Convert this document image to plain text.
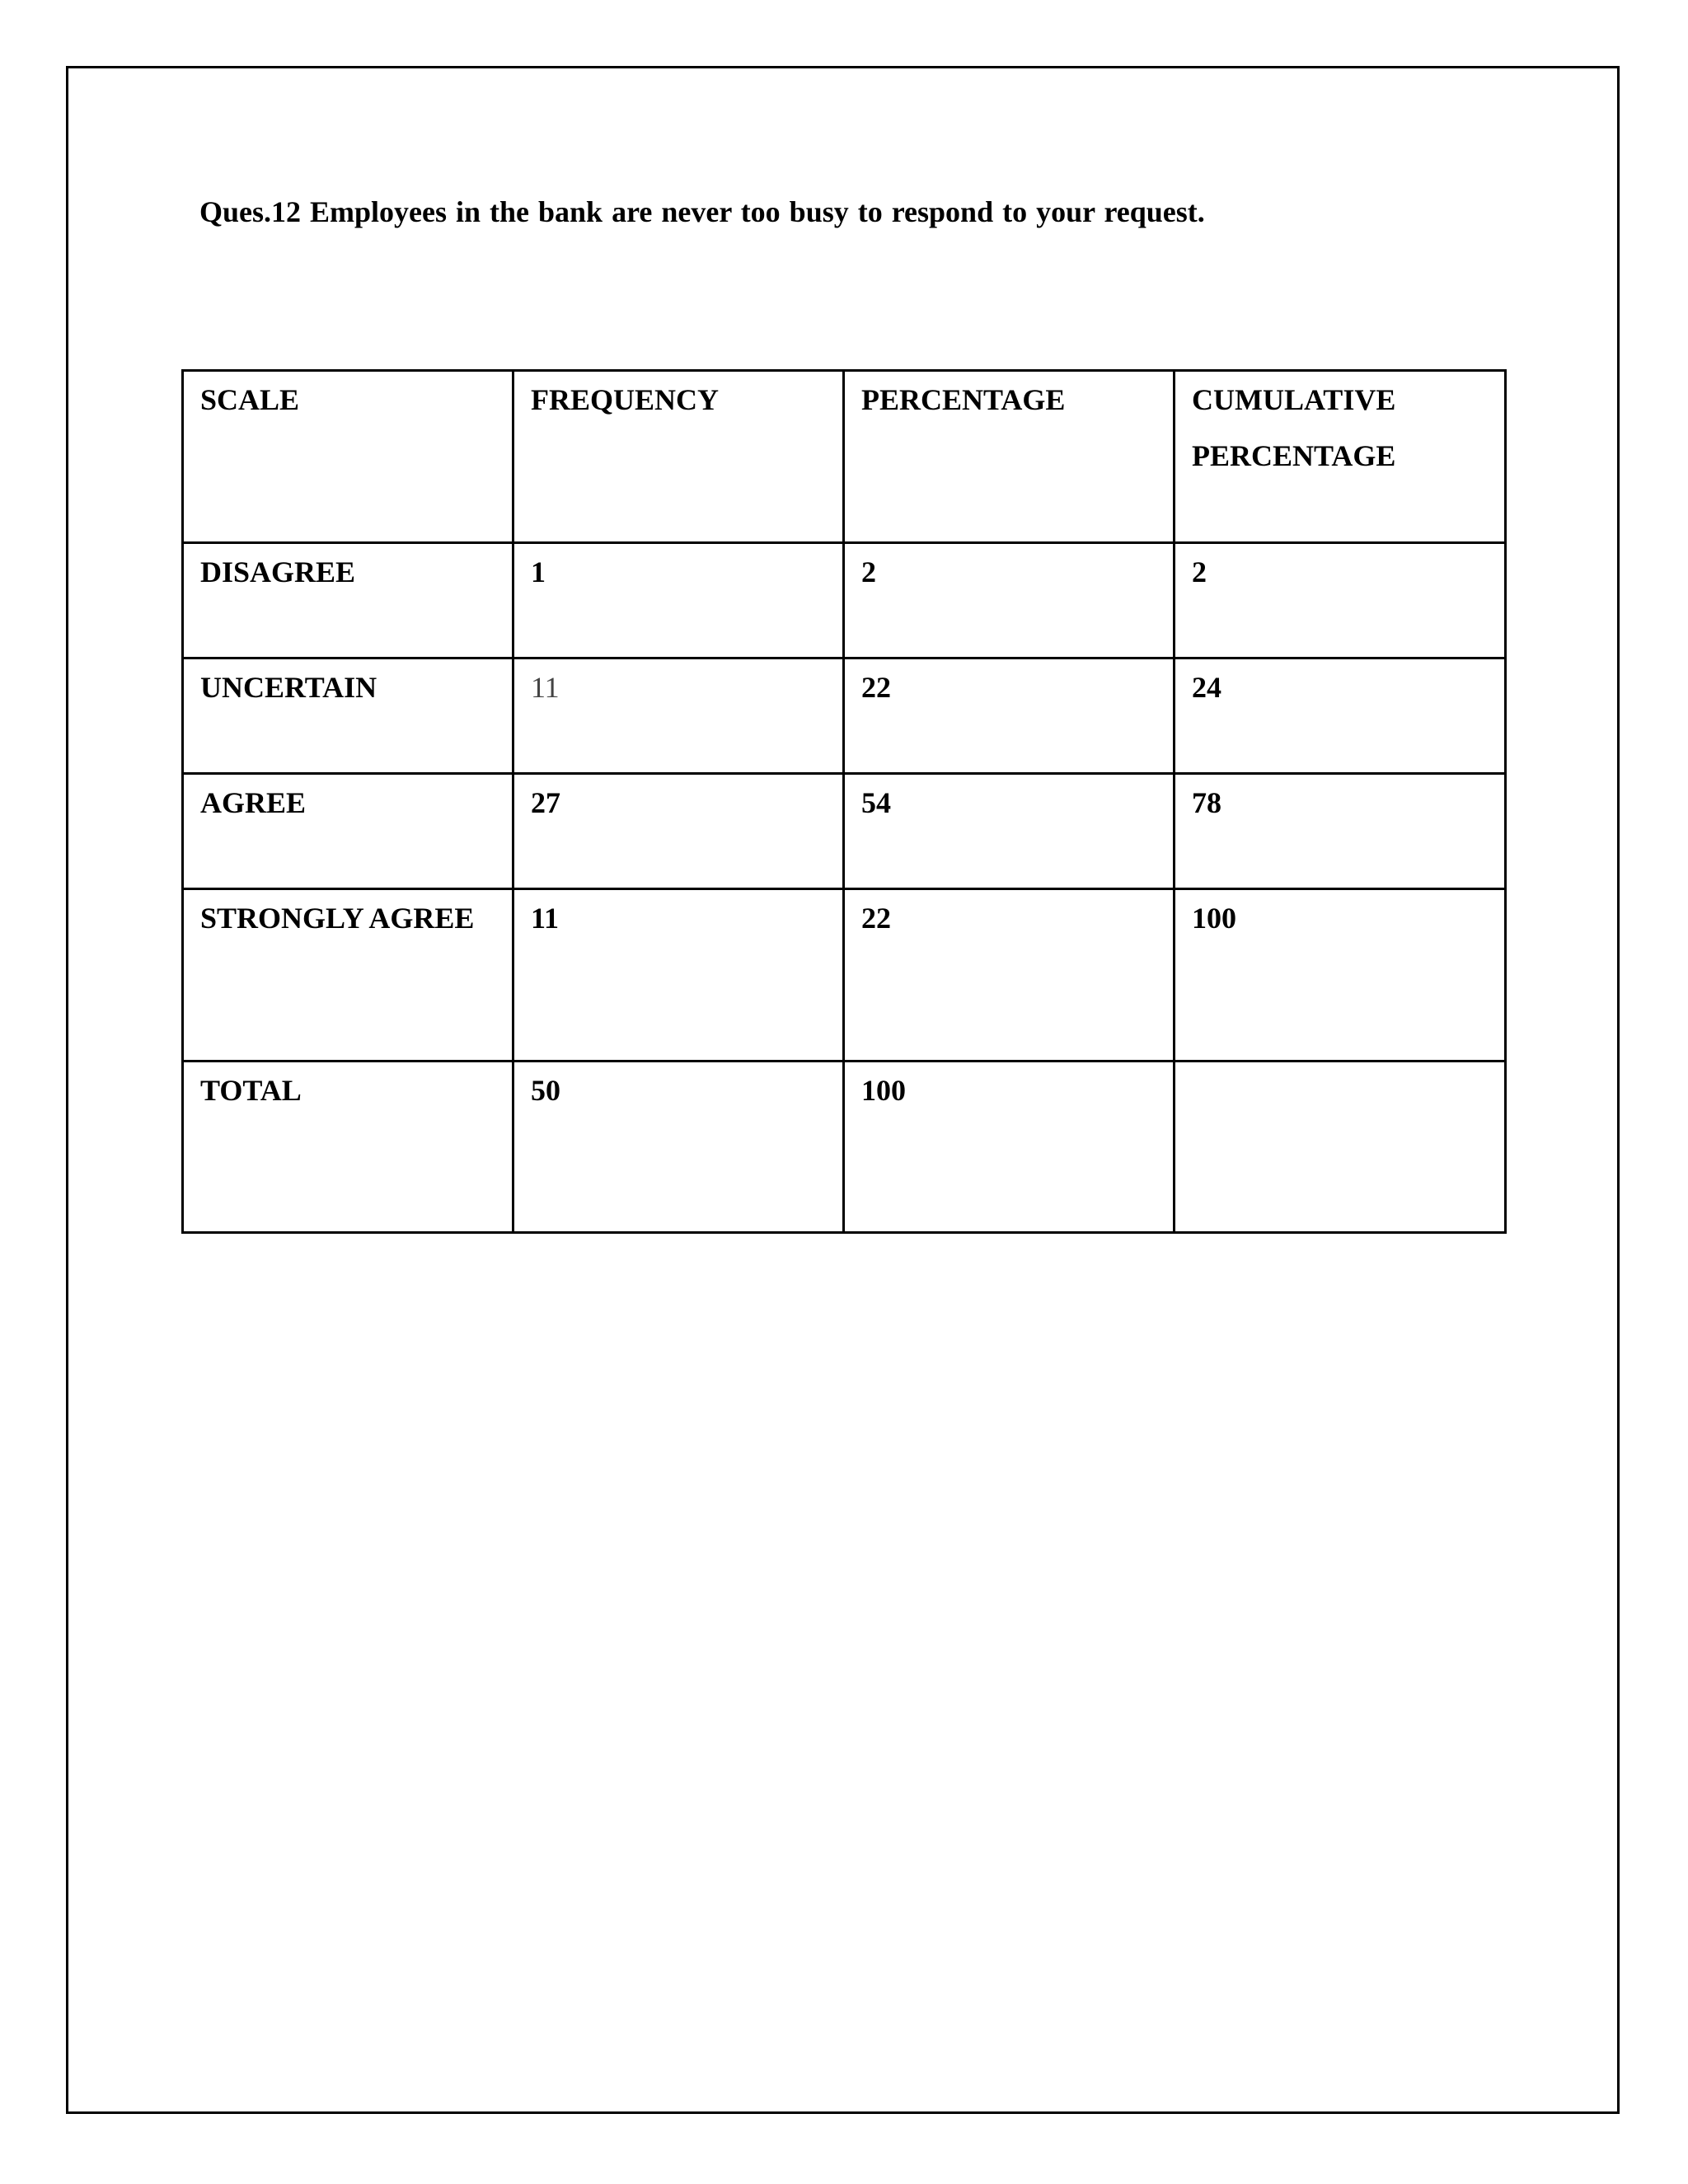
Ques.12 Employees in the bank are never too busy to respond to your request.
SCALE	FREQUENCY	PERCENTAGE	CUMULATIVE PERCENTAGE
DISAGREE	1	2	2
UNCERTAIN	11	22	24
AGREE	27	54	78
STRONGLY AGREE	11	22	100
TOTAL	50	100	
